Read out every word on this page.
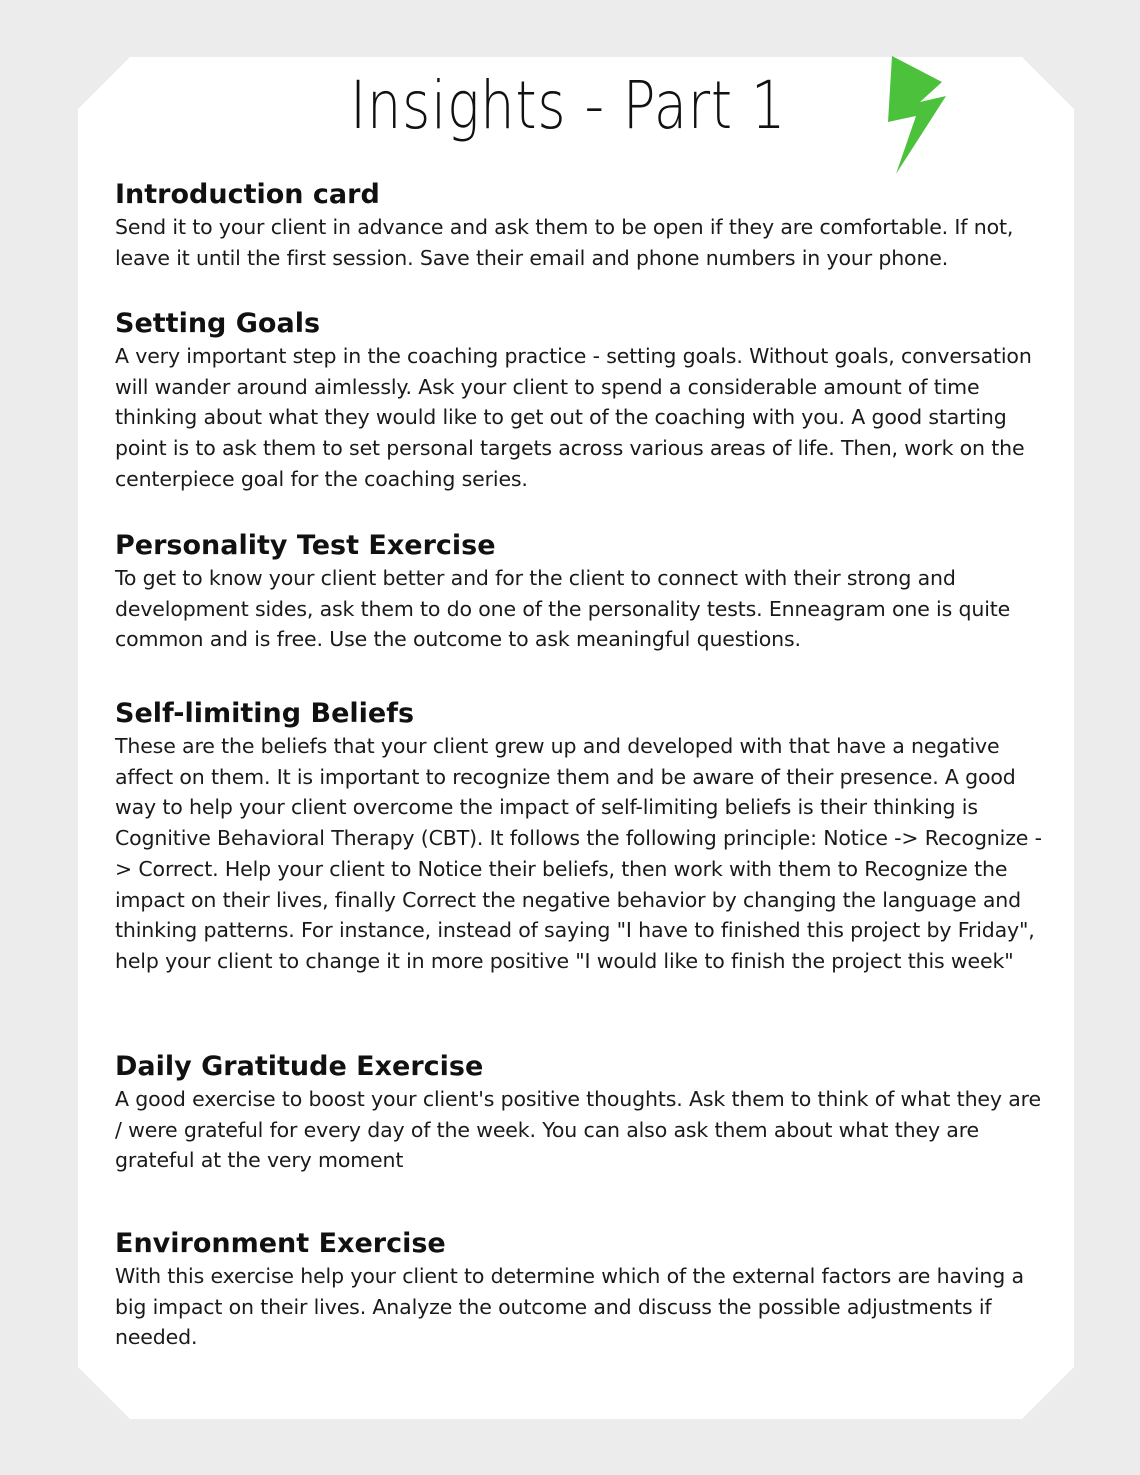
Insights - Part 1
Introduction card

Send it to your client in advance and ask them to be open if they are comfortable. If not, leave it until the first session. Save their email and phone numbers in your phone.

Setting Goals

A very important step in the coaching practice - setting goals. Without goals, conversation will wander around aimlessly. Ask your client to spend a considerable amount of time thinking about what they would like to get out of the coaching with you. A good starting point is to ask them to set personal targets across various areas of life. Then, work on the centerpiece goal for the coaching series.

Personality Test Exercise

To get to know your client better and for the client to connect with their strong and development sides, ask them to do one of the personality tests. Enneagram one is quite common and is free. Use the outcome to ask meaningful questions.

Self-limiting Beliefs

These are the beliefs that your client grew up and developed with that have a negative affect on them. It is important to recognize them and be aware of their presence. A good way to help your client overcome the impact of self-limiting beliefs is their thinking is Cognitive Behavioral Therapy (CBT). It follows the following principle: Notice -> Recognize -> Correct. Help your client to Notice their beliefs, then work with them to Recognize the impact on their lives, finally Correct the negative behavior by changing the language and thinking patterns. For instance, instead of saying "I have to finished this project by Friday", help your client to change it in more positive "I would like to finish the project this week"

Daily Gratitude Exercise

A good exercise to boost your client's positive thoughts. Ask them to think of what they are / were grateful for every day of the week. You can also ask them about what they are grateful at the very moment

Environment Exercise

With this exercise help your client to determine which of the external factors are having a big impact on their lives. Analyze the outcome and discuss the possible adjustments if needed.
